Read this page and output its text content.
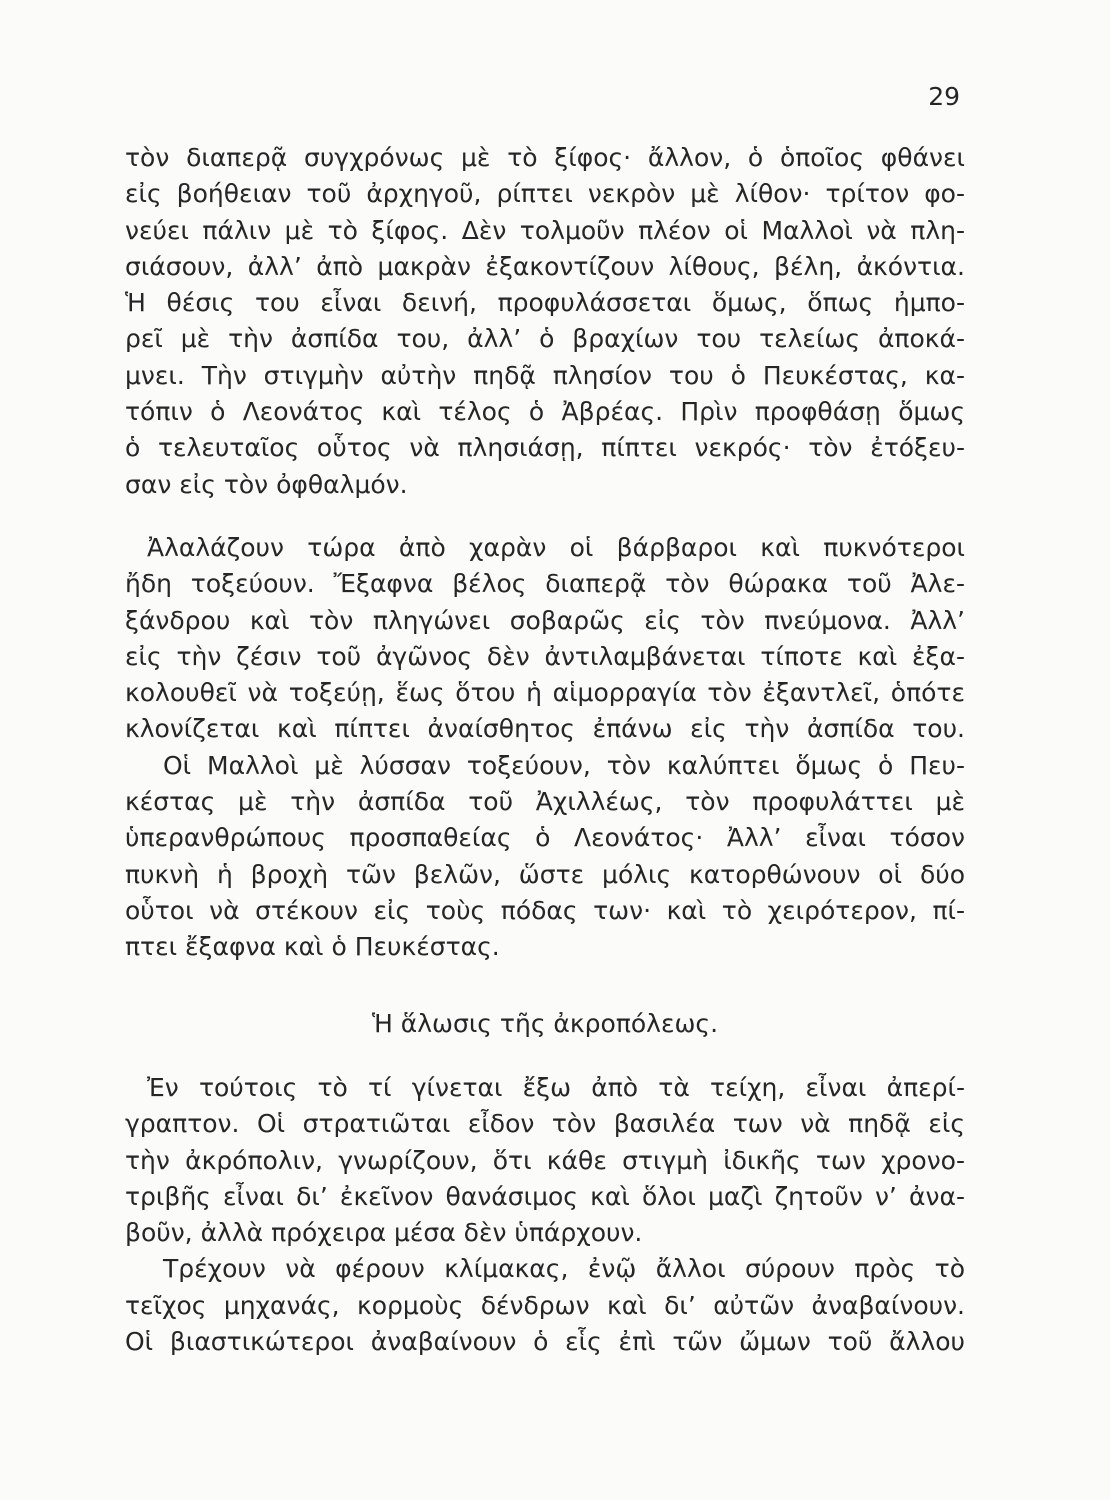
29
τὸν διαπερᾷ συγχρόνως μὲ τὸ ξίφος· ἄλλον, ὁ ὁποῖος φθάνει
εἰς βοήθειαν τοῦ ἀρχηγοῦ, ρίπτει νεκρὸν μὲ λίθον· τρίτον φο-
νεύει πάλιν μὲ τὸ ξίφος. Δὲν τολμοῦν πλέον οἱ Μαλλοὶ νὰ πλη-
σιάσουν, ἀλλ’ ἀπὸ μακρὰν ἐξακοντίζουν λίθους, βέλη, ἀκόντια.
Ἡ θέσις του εἶναι δεινή, προφυλάσσεται ὅμως, ὅπως ἠμπο-
ρεῖ μὲ τὴν ἀσπίδα του, ἀλλ’ ὁ βραχίων του τελείως ἀποκά-
μνει. Τὴν στιγμὴν αὐτὴν πηδᾷ πλησίον του ὁ Πευκέστας, κα-
τόπιν ὁ Λεονάτος καὶ τέλος ὁ Ἀβρέας. Πρὶν προφθάσῃ ὅμως
ὁ τελευταῖος οὗτος νὰ πλησιάσῃ, πίπτει νεκρός· τὸν ἐτόξευ-
σαν εἰς τὸν ὀφθαλμόν.
Ἀλαλάζουν τώρα ἀπὸ χαρὰν οἱ βάρβαροι καὶ πυκνότεροι
ἤδη τοξεύουν. Ἔξαφνα βέλος διαπερᾷ τὸν θώρακα τοῦ Ἀλε-
ξάνδρου καὶ τὸν πληγώνει σοβαρῶς εἰς τὸν πνεύμονα. Ἀλλ’
εἰς τὴν ζέσιν τοῦ ἀγῶνος δὲν ἀντιλαμβάνεται τίποτε καὶ ἐξα-
κολουθεῖ νὰ τοξεύῃ, ἕως ὅτου ἡ αἱμορραγία τὸν ἐξαντλεῖ, ὁπότε
κλονίζεται καὶ πίπτει ἀναίσθητος ἐπάνω εἰς τὴν ἀσπίδα του.
Οἱ Μαλλοὶ μὲ λύσσαν τοξεύουν, τὸν καλύπτει ὅμως ὁ Πευ-
κέστας μὲ τὴν ἀσπίδα τοῦ Ἀχιλλέως, τὸν προφυλάττει μὲ
ὑπερανθρώπους προσπαθείας ὁ Λεονάτος· Ἀλλ’ εἶναι τόσον
πυκνὴ ἡ βροχὴ τῶν βελῶν, ὥστε μόλις κατορθώνουν οἱ δύο
οὗτοι νὰ στέκουν εἰς τοὺς πόδας των· καὶ τὸ χειρότερον, πί-
πτει ἔξαφνα καὶ ὁ Πευκέστας.
Ἡ ἅλωσις τῆς ἀκροπόλεως.
Ἐν τούτοις τὸ τί γίνεται ἔξω ἀπὸ τὰ τείχη, εἶναι ἀπερί-
γραπτον. Οἱ στρατιῶται εἶδον τὸν βασιλέα των νὰ πηδᾷ εἰς
τὴν ἀκρόπολιν, γνωρίζουν, ὅτι κάθε στιγμὴ ἰδικῆς των χρονο-
τριβῆς εἶναι δι’ ἐκεῖνον θανάσιμος καὶ ὅλοι μαζὶ ζητοῦν ν’ ἀνα-
βοῦν, ἀλλὰ πρόχειρα μέσα δὲν ὑπάρχουν.
Τρέχουν νὰ φέρουν κλίμακας, ἐνῷ ἄλλοι σύρουν πρὸς τὸ
τεῖχος μηχανάς, κορμοὺς δένδρων καὶ δι’ αὐτῶν ἀναβαίνουν.
Οἱ βιαστικώτεροι ἀναβαίνουν ὁ εἷς ἐπὶ τῶν ὤμων τοῦ ἄλλου
